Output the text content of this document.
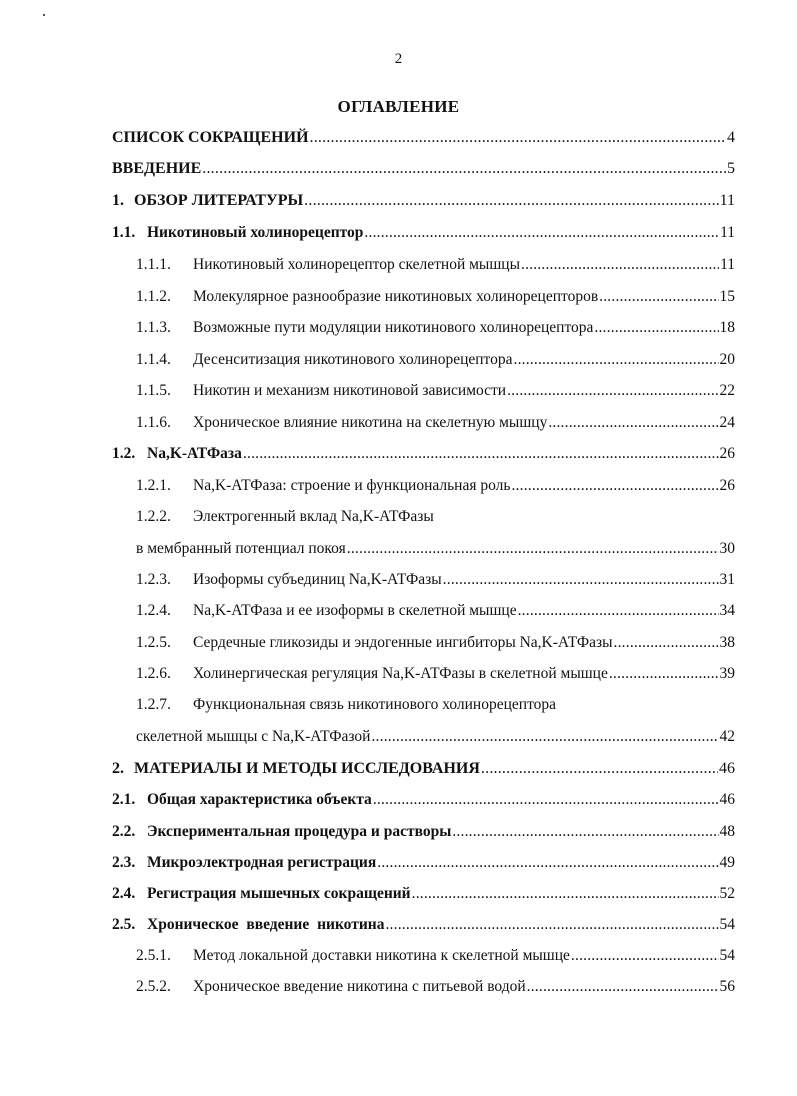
2
ОГЛАВЛЕНИЕ
СПИСОК СОКРАЩЕНИЙ .....	4
ВВЕДЕНИЕ .....	5
1. ОБЗОР ЛИТЕРАТУРЫ .....	11
1.1. Никотиновый холинорецептор .....	11
1.1.1.	Никотиновый холинорецептор скелетной мышцы .....	11
1.1.2.	Молекулярное разнообразие никотиновых холинорецепторов .....	15
1.1.3.	Возможные пути модуляции никотинового холинорецептора .....	18
1.1.4.	Десенситизация никотинового холинорецептора .....	20
1.1.5.	Никотин и механизм никотиновой зависимости .....	22
1.1.6.	Хроническое влияние никотина на скелетную мышцу .....	24
1.2. Na,K-АТФаза .....	26
1.2.1.	Na,K-АТФаза: строение и функциональная роль .....	26
1.2.2.	Электрогенный вклад Na,K-АТФазы
в мембранный потенциал покоя .....	30
1.2.3.	Изоформы субъединиц Na,K-АТФазы .....	31
1.2.4.	Na,K-АТФаза и ее изоформы в скелетной мышце .....	34
1.2.5.	Сердечные гликозиды и эндогенные ингибиторы Na,K-АТФазы .....	38
1.2.6.	Холинергическая регуляция Na,K-АТФазы в скелетной мышце .....	39
1.2.7.	Функциональная связь никотинового холинорецептора
скелетной мышцы с Na,K-АТФазой .....	42
2. МАТЕРИАЛЫ И МЕТОДЫ ИССЛЕДОВАНИЯ .....	46
2.1. Общая характеристика объекта .....	46
2.2. Экспериментальная процедура и растворы .....	48
2.3. Микроэлектродная регистрация .....	49
2.4. Регистрация мышечных сокращений .....	52
2.5. Хроническое введение никотина .....	54
2.5.1.	Метод локальной доставки никотина к скелетной мышце .....	54
2.5.2.	Хроническое введение никотина с питьевой водой .....	56
